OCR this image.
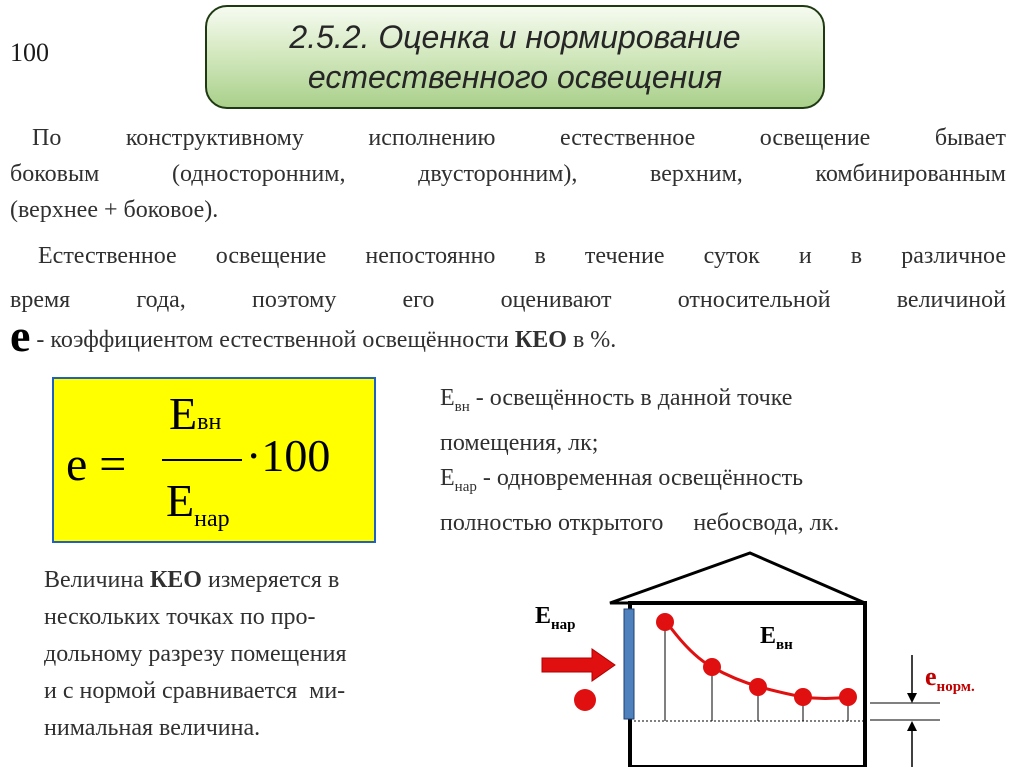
100	2.5.2. Оценка и нормирование
естественного освещения
По конструктивному исполнению естественное освещение бывает
боковым (односторонним, двусторонним), верхним, комбинированным
(верхнее + боковое).
Естественное освещение непостоянно в течение суток и в различное
время года, поэтому его оценивают относительной величиной
е - коэффициентом естественной освещённости КЕО в %.
е =
Евн
$Е_{нар}$
·100
$Е_{вн}$ - освещённость в данной точке
помещения, лк;
$Е_{нар}$ - одновременная освещённость
полностью открытого     небосвода, лк.
Величина КЕО измеряется в
нескольких точках по про-
дольному разрезу помещения
и с нормой сравнивается  ми-
нимальная величина.
$Е_{нар}$	$Е_{вн}$
$е_{норм.}$
